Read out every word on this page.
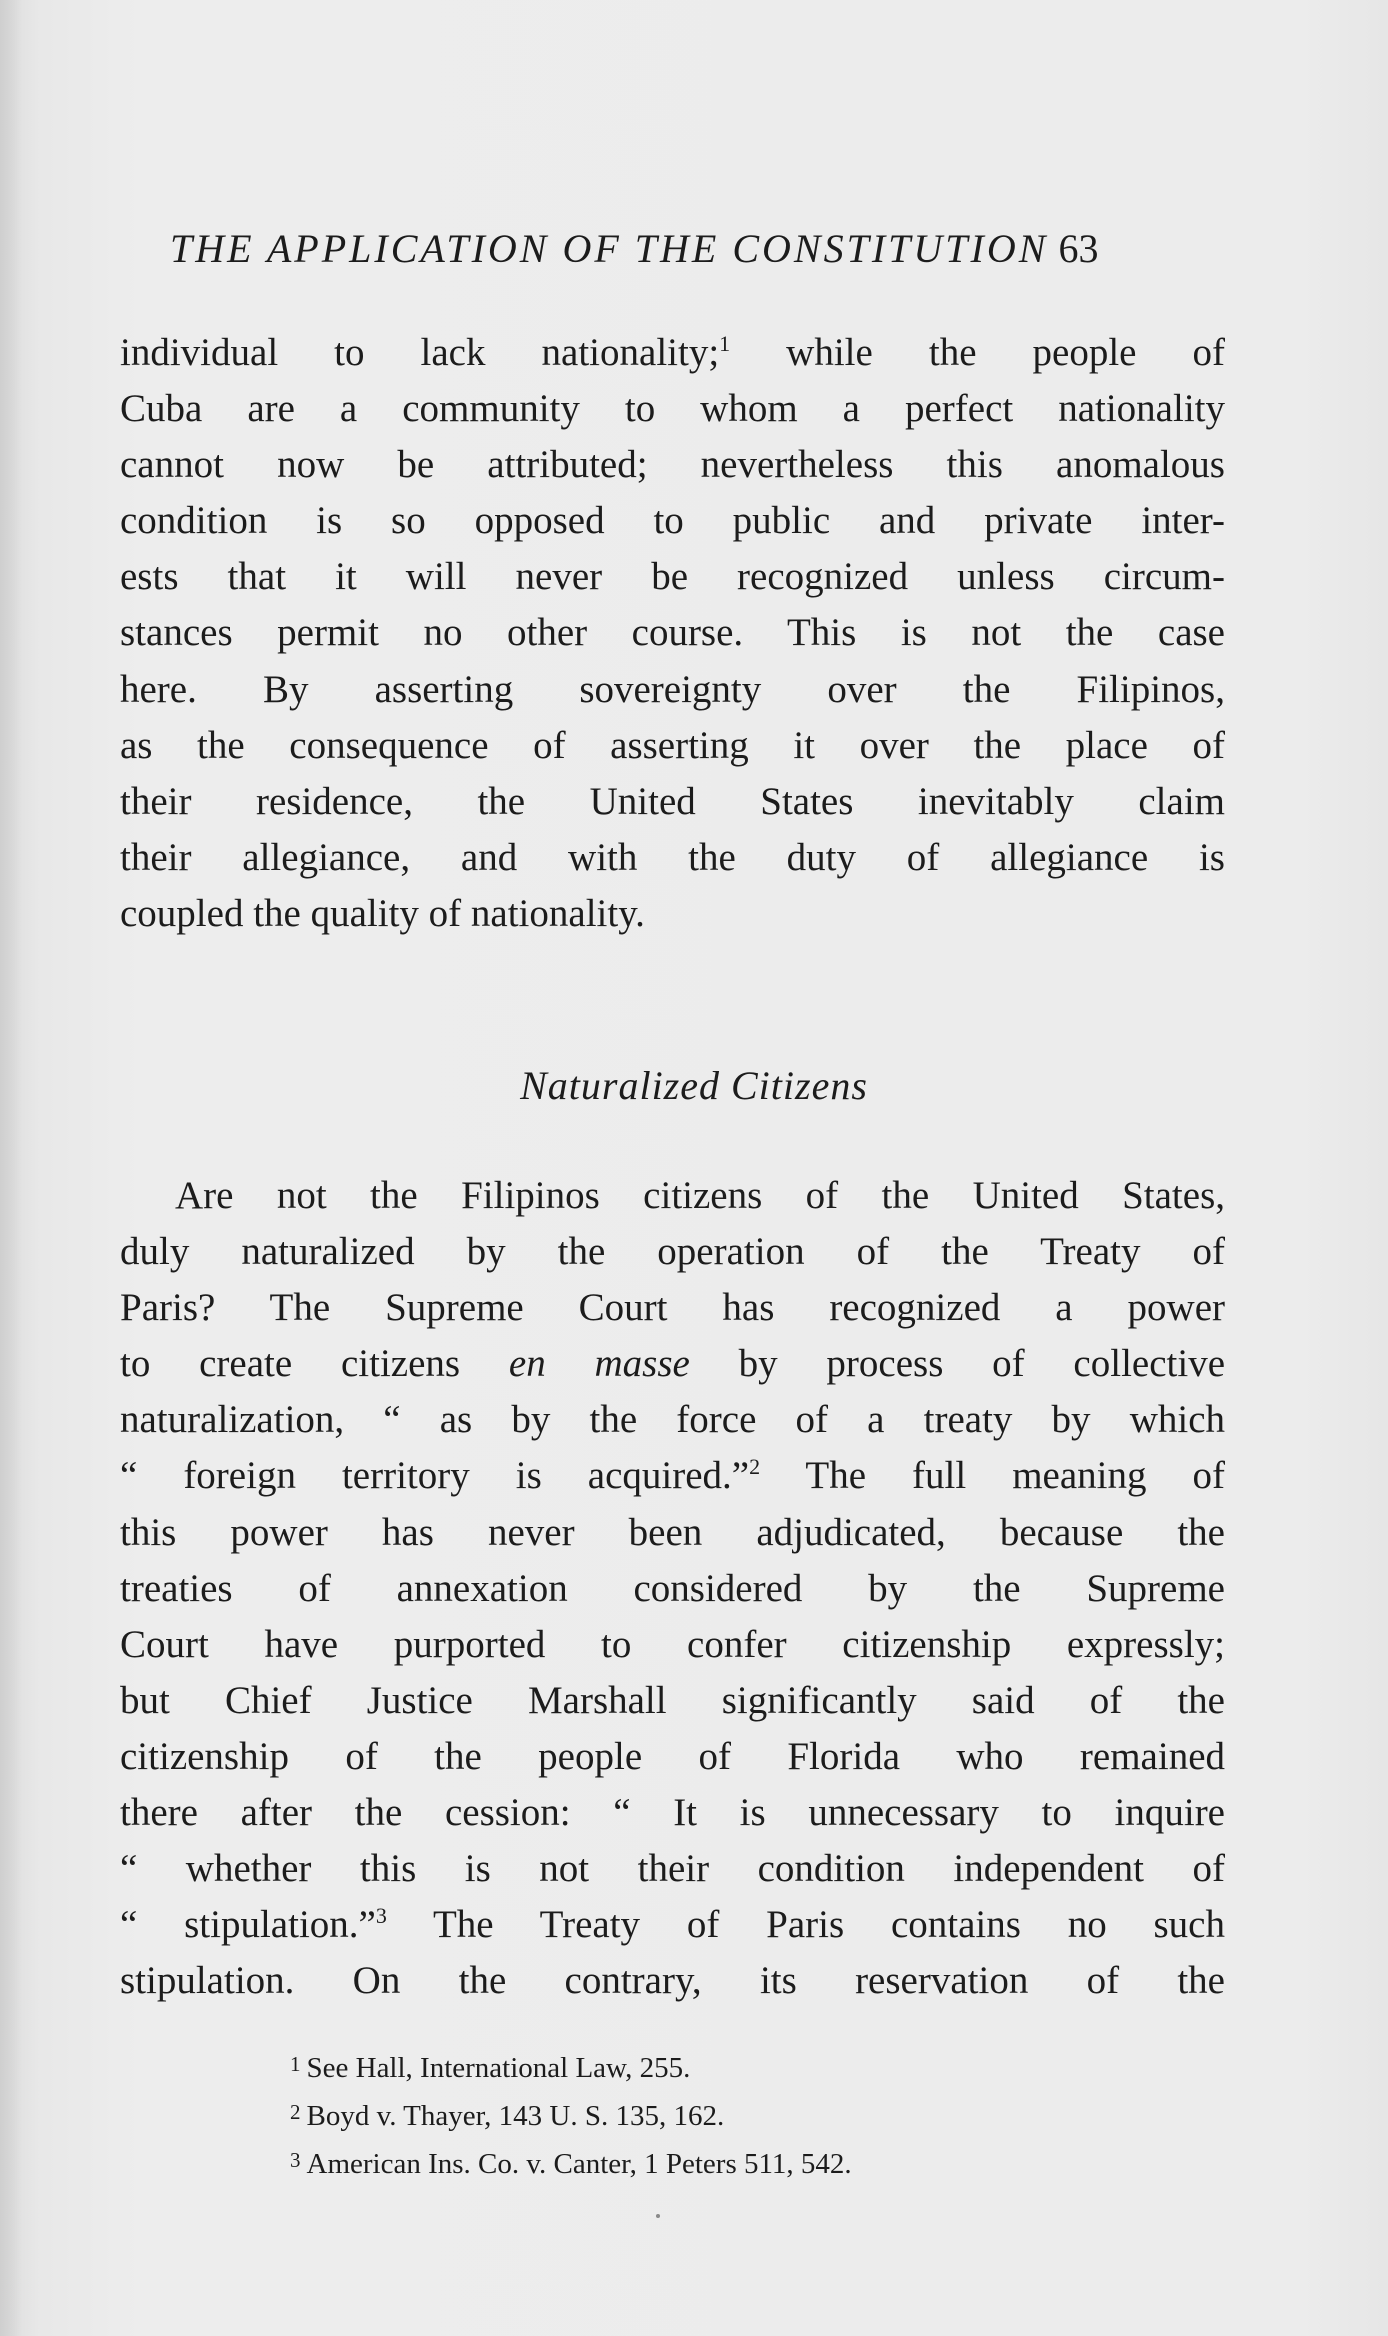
THE APPLICATION OF THE CONSTITUTION 63
individual to lack nationality;$^1$ while the people of
Cuba are a community to whom a perfect nationality
cannot now be attributed; nevertheless this anomalous
condition is so opposed to public and private inter-
ests that it will never be recognized unless circum-
stances permit no other course. This is not the case
here. By asserting sovereignty over the Filipinos,
as the consequence of asserting it over the place of
their residence, the United States inevitably claim
their allegiance, and with the duty of allegiance is
coupled the quality of nationality.
Naturalized Citizens
Are not the Filipinos citizens of the United States,
duly naturalized by the operation of the Treaty of
Paris? The Supreme Court has recognized a power
to create citizens en masse by process of collective
naturalization, “ as by the force of a treaty by which
“ foreign territory is acquired.”$^2$ The full meaning of
this power has never been adjudicated, because the
treaties of annexation considered by the Supreme
Court have purported to confer citizenship expressly;
but Chief Justice Marshall significantly said of the
citizenship of the people of Florida who remained
there after the cession: “ It is unnecessary to inquire
“ whether this is not their condition independent of
“ stipulation.”$^3$ The Treaty of Paris contains no such
stipulation. On the contrary, its reservation of the
$^1$ See Hall, International Law, 255.
$^2$ Boyd v. Thayer, 143 U. S. 135, 162.
$^3$ American Ins. Co. v. Canter, 1 Peters 511, 542.
